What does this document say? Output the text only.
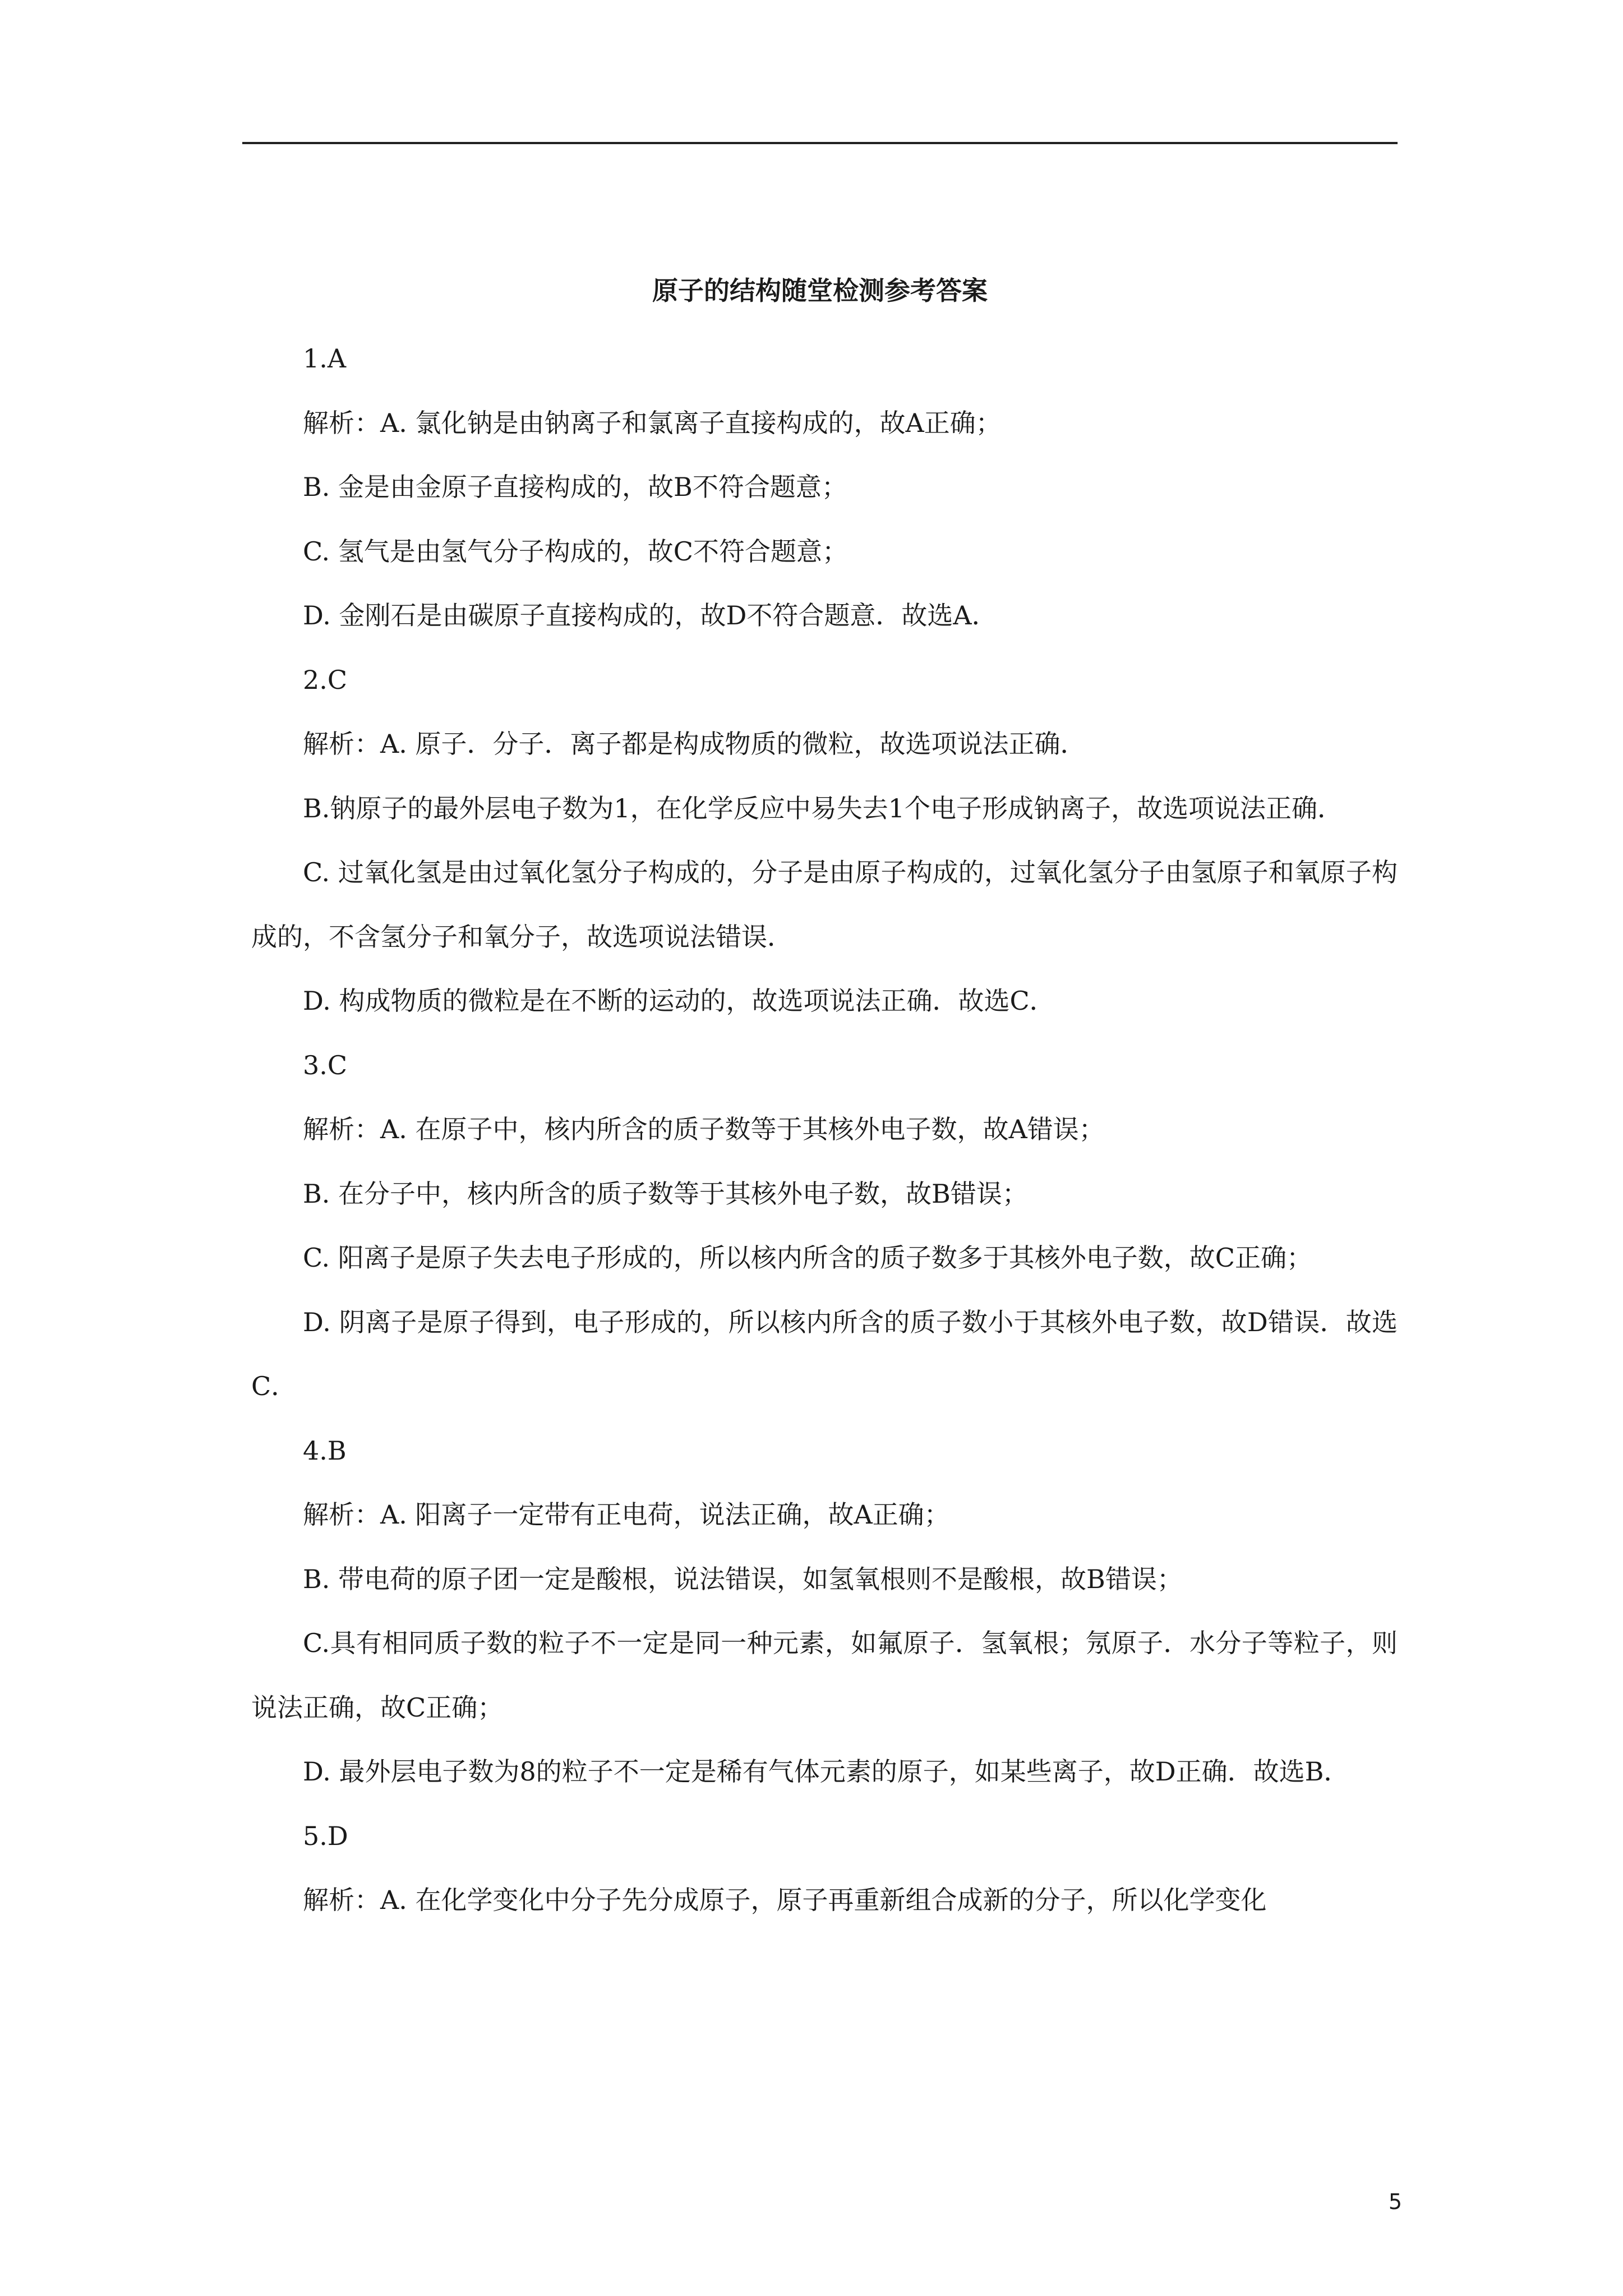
原子的结构随堂检测参考答案

1.A

解析：A. 氯化钠是由钠离子和氯离子直接构成的，故A正确；

B. 金是由金原子直接构成的，故B不符合题意；

C. 氢气是由氢气分子构成的，故C不符合题意；

D. 金刚石是由碳原子直接构成的，故D不符合题意．故选A．

2.C

解析：A. 原子．分子．离子都是构成物质的微粒，故选项说法正确．

B.钠原子的最外层电子数为1，在化学反应中易失去1个电子形成钠离子，故选项说法正确．

C. 过氧化氢是由过氧化氢分子构成的，分子是由原子构成的，过氧化氢分子由氢原子和氧原子构成的，不含氢分子和氧分子，故选项说法错误．

D. 构成物质的微粒是在不断的运动的，故选项说法正确．故选C．

3.C

解析：A. 在原子中，核内所含的质子数等于其核外电子数，故A错误；

B. 在分子中，核内所含的质子数等于其核外电子数，故B错误；

C. 阳离子是原子失去电子形成的，所以核内所含的质子数多于其核外电子数，故C正确；

D. 阴离子是原子得到，电子形成的，所以核内所含的质子数小于其核外电子数，故D错误．故选C．

4.B

解析：A. 阳离子一定带有正电荷，说法正确，故A正确；

B. 带电荷的原子团一定是酸根，说法错误，如氢氧根则不是酸根，故B错误；

C.具有相同质子数的粒子不一定是同一种元素，如氟原子．氢氧根；氖原子．水分子等粒子，则说法正确，故C正确；

D. 最外层电子数为8的粒子不一定是稀有气体元素的原子，如某些离子，故D正确．故选B．

5.D

解析：A. 在化学变化中分子先分成原子，原子再重新组合成新的分子，所以化学变化

5
